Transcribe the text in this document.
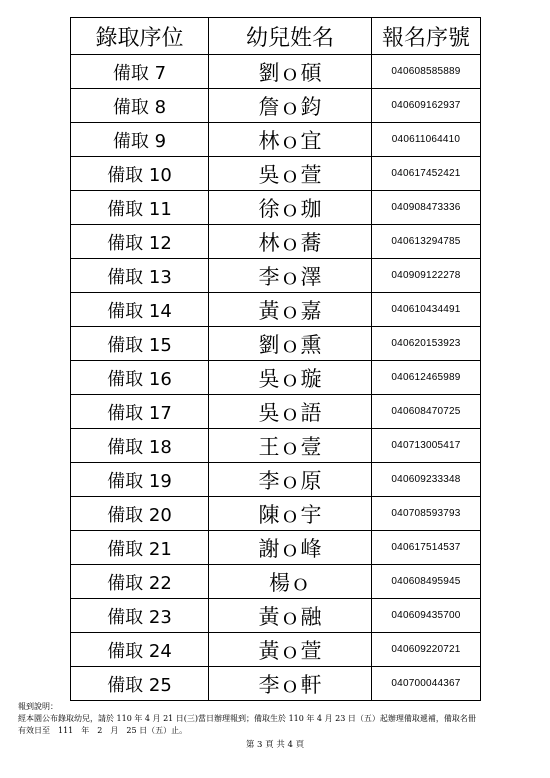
錄取序位	幼兒姓名	報名序號
備取 7	劉ｏ碩	040608585889
備取 8	詹ｏ鈞	040609162937
備取 9	林ｏ宜	040611064410
備取 10	吳ｏ萱	040617452421
備取 11	徐ｏ珈	040908473336
備取 12	林ｏ蕎	040613294785
備取 13	李ｏ澤	040909122278
備取 14	黃ｏ嘉	040610434491
備取 15	劉ｏ熏	040620153923
備取 16	吳ｏ璇	040612465989
備取 17	吳ｏ語	040608470725
備取 18	王ｏ壹	040713005417
備取 19	李ｏ原	040609233348
備取 20	陳ｏ宇	040708593793
備取 21	謝ｏ峰	040617514537
備取 22	楊ｏ	040608495945
備取 23	黃ｏ融	040609435700
備取 24	黃ｏ萱	040609220721
備取 25	李ｏ軒	040700044367
報到說明：
經本園公布錄取幼兒，請於 110 年 4 月 21 日(三)當日辦理報到；備取生於 110 年 4 月 23 日（五）起辦理備取遞補，備取名冊
有效日至　111　年　2　月　25 日（五）止。
第 3 頁 共 4 頁
